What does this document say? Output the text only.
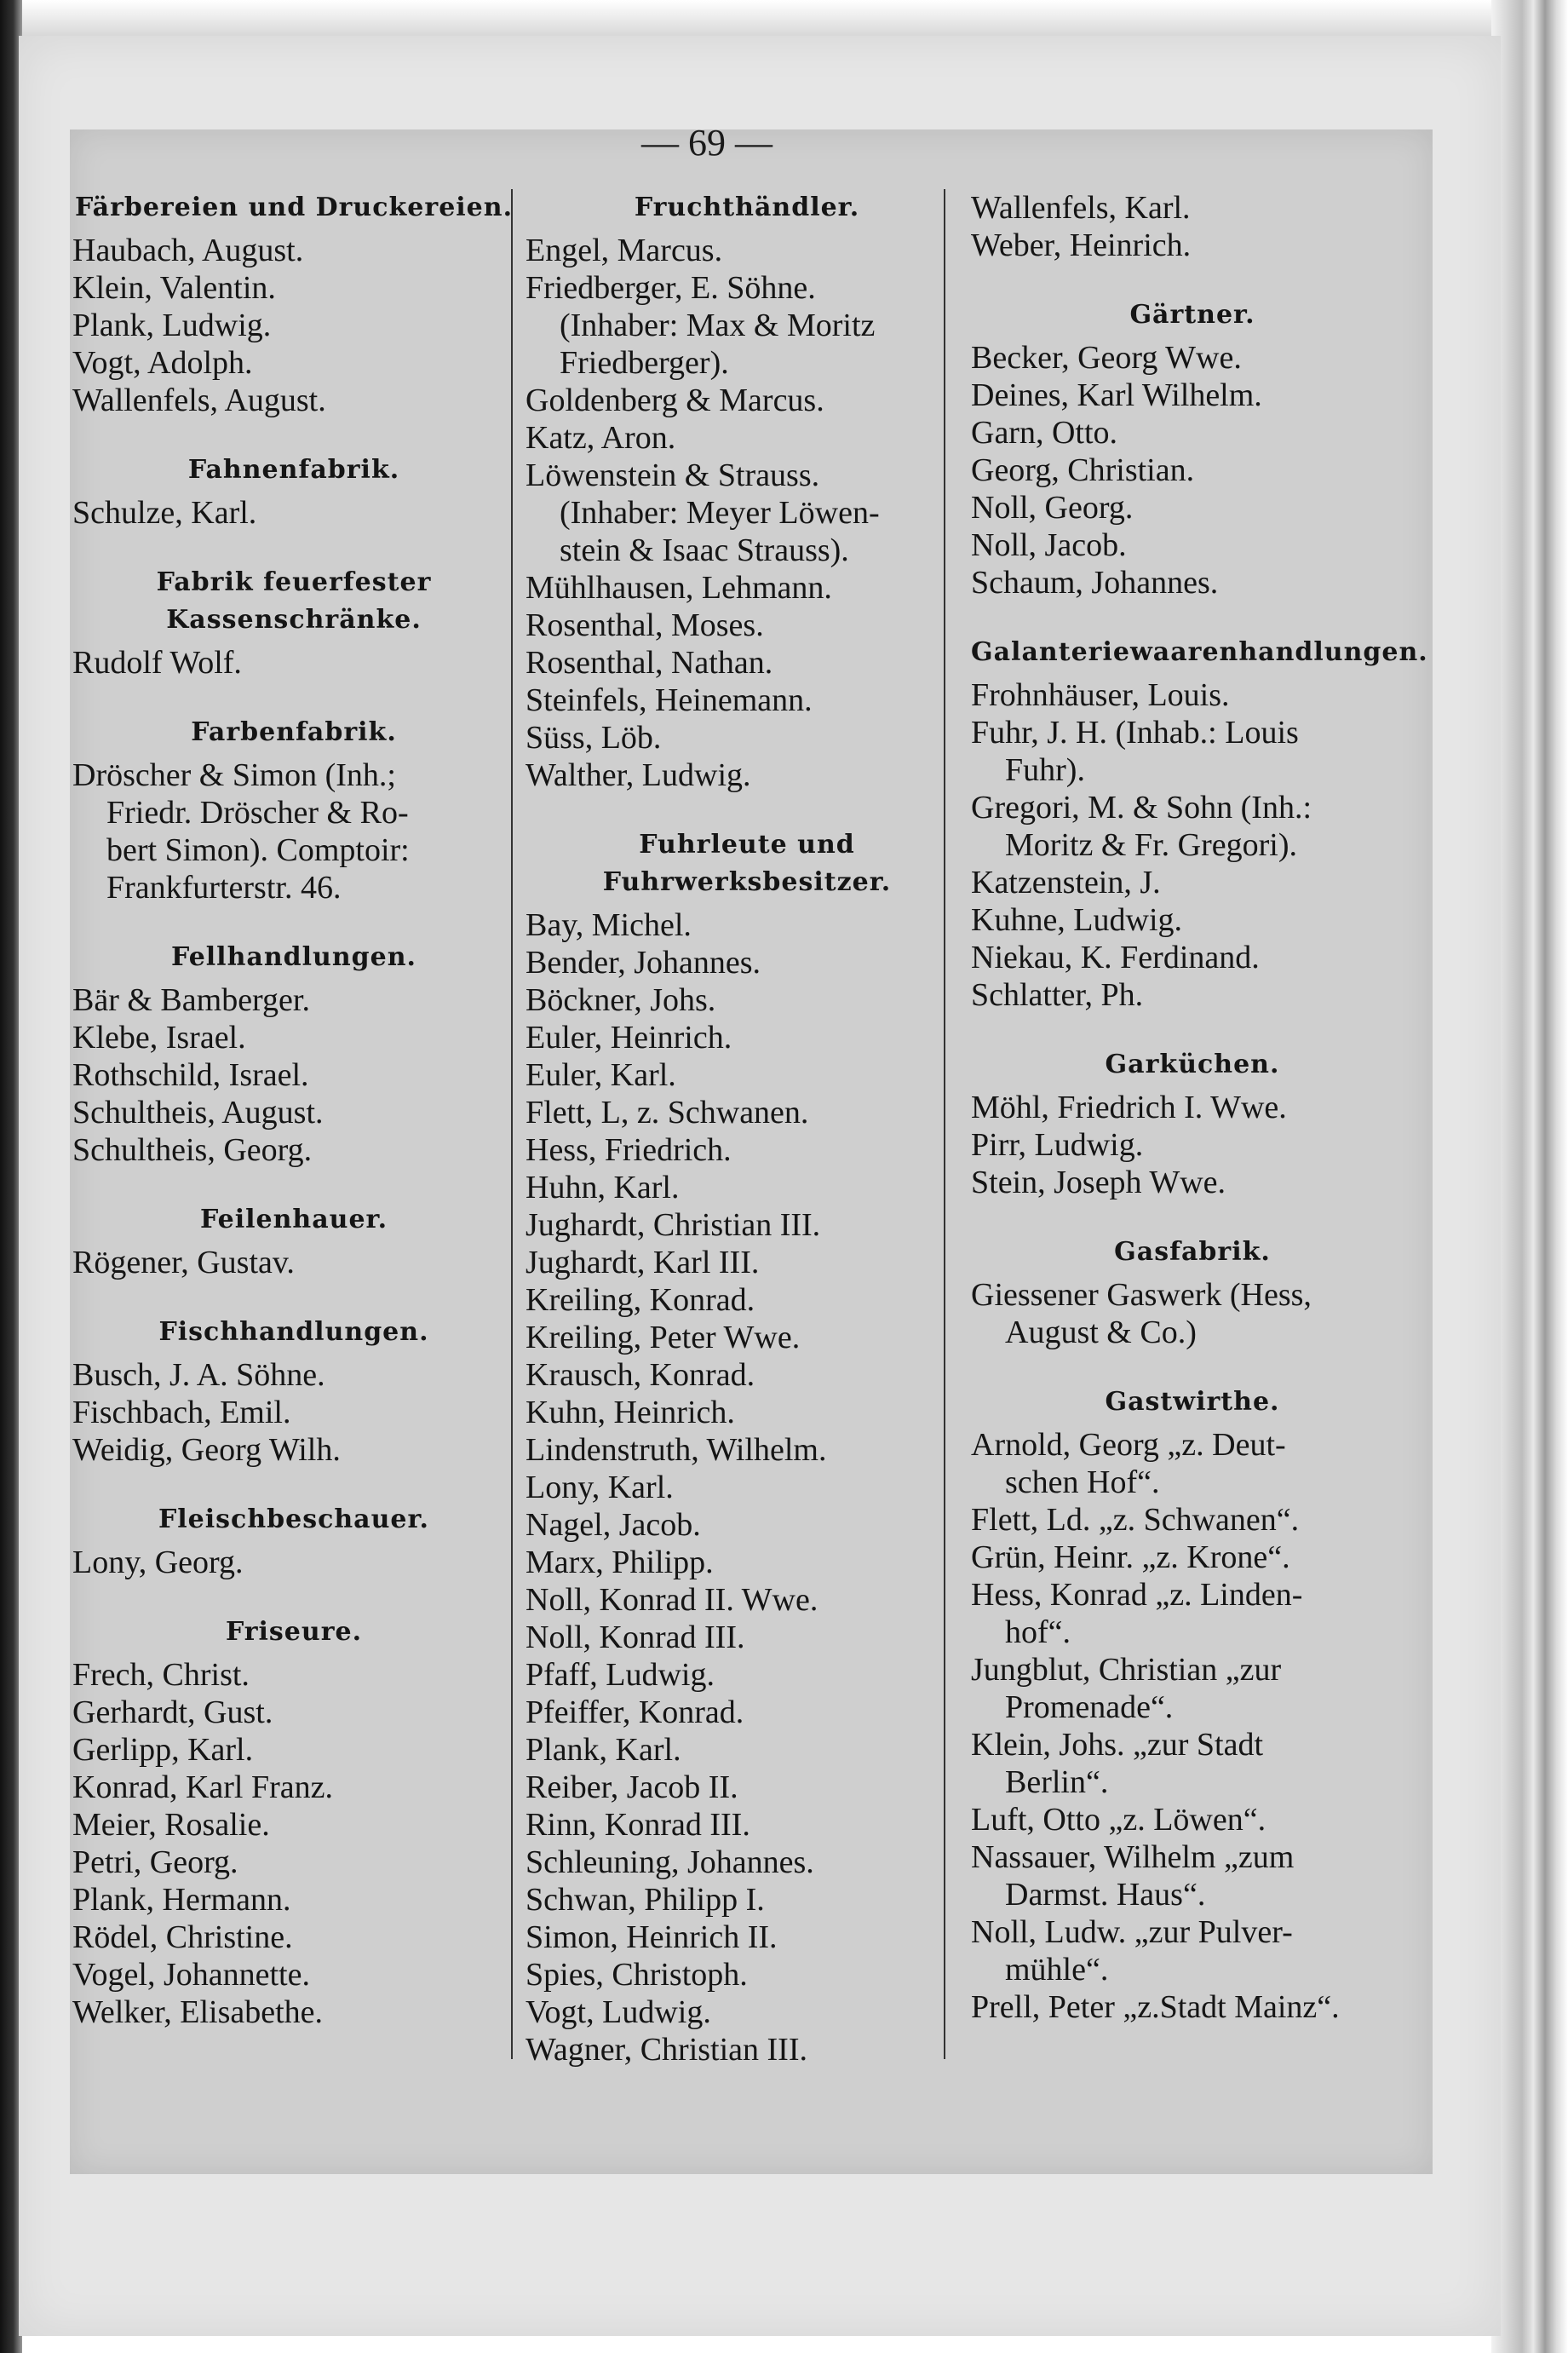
— 69 —
Färbereien und Druckereien.
Haubach, August.
Klein, Valentin.
Plank, Ludwig.
Vogt, Adolph.
Wallenfels, August.
Fahnenfabrik.
Schulze, Karl.
Fabrik feuerfester Kassenschränke.
Rudolf Wolf.
Farbenfabrik.
Dröscher & Simon (Inh.;
Friedr. Dröscher & Ro-
bert Simon). Comptoir:
Frankfurterstr. 46.
Fellhandlungen.
Bär & Bamberger.
Klebe, Israel.
Rothschild, Israel.
Schultheis, August.
Schultheis, Georg.
Feilenhauer.
Rögener, Gustav.
Fischhandlungen.
Busch, J. A. Söhne.
Fischbach, Emil.
Weidig, Georg Wilh.
Fleischbeschauer.
Lony, Georg.
Friseure.
Frech, Christ.
Gerhardt, Gust.
Gerlipp, Karl.
Konrad, Karl Franz.
Meier, Rosalie.
Petri, Georg.
Plank, Hermann.
Rödel, Christine.
Vogel, Johannette.
Welker, Elisabethe.
Fruchthändler.
Engel, Marcus.
Friedberger, E. Söhne.
(Inhaber: Max & Moritz
Friedberger).
Goldenberg & Marcus.
Katz, Aron.
Löwenstein & Strauss.
(Inhaber: Meyer Löwen-
stein & Isaac Strauss).
Mühlhausen, Lehmann.
Rosenthal, Moses.
Rosenthal, Nathan.
Steinfels, Heinemann.
Süss, Löb.
Walther, Ludwig.
Fuhrleute und Fuhrwerksbesitzer.
Bay, Michel.
Bender, Johannes.
Böckner, Johs.
Euler, Heinrich.
Euler, Karl.
Flett, L, z. Schwanen.
Hess, Friedrich.
Huhn, Karl.
Jughardt, Christian III.
Jughardt, Karl III.
Kreiling, Konrad.
Kreiling, Peter Wwe.
Krausch, Konrad.
Kuhn, Heinrich.
Lindenstruth, Wilhelm.
Lony, Karl.
Nagel, Jacob.
Marx, Philipp.
Noll, Konrad II. Wwe.
Noll, Konrad III.
Pfaff, Ludwig.
Pfeiffer, Konrad.
Plank, Karl.
Reiber, Jacob II.
Rinn, Konrad III.
Schleuning, Johannes.
Schwan, Philipp I.
Simon, Heinrich II.
Spies, Christoph.
Vogt, Ludwig.
Wagner, Christian III.
Wallenfels, Karl.
Weber, Heinrich.
Gärtner.
Becker, Georg Wwe.
Deines, Karl Wilhelm.
Garn, Otto.
Georg, Christian.
Noll, Georg.
Noll, Jacob.
Schaum, Johannes.
Galanteriewaarenhandlungen.
Frohnhäuser, Louis.
Fuhr, J. H. (Inhab.: Louis
Fuhr).
Gregori, M. & Sohn (Inh.:
Moritz & Fr. Gregori).
Katzenstein, J.
Kuhne, Ludwig.
Niekau, K. Ferdinand.
Schlatter, Ph.
Garküchen.
Möhl, Friedrich I. Wwe.
Pirr, Ludwig.
Stein, Joseph Wwe.
Gasfabrik.
Giessener Gaswerk (Hess,
August & Co.)
Gastwirthe.
Arnold, Georg „z. Deut-
schen Hof“.
Flett, Ld. „z. Schwanen“.
Grün, Heinr. „z. Krone“.
Hess, Konrad „z. Linden-
hof“.
Jungblut, Christian „zur
Promenade“.
Klein, Johs. „zur Stadt
Berlin“.
Luft, Otto „z. Löwen“.
Nassauer, Wilhelm „zum
Darmst. Haus“.
Noll, Ludw. „zur Pulver-
mühle“.
Prell, Peter „z.Stadt Mainz“.
